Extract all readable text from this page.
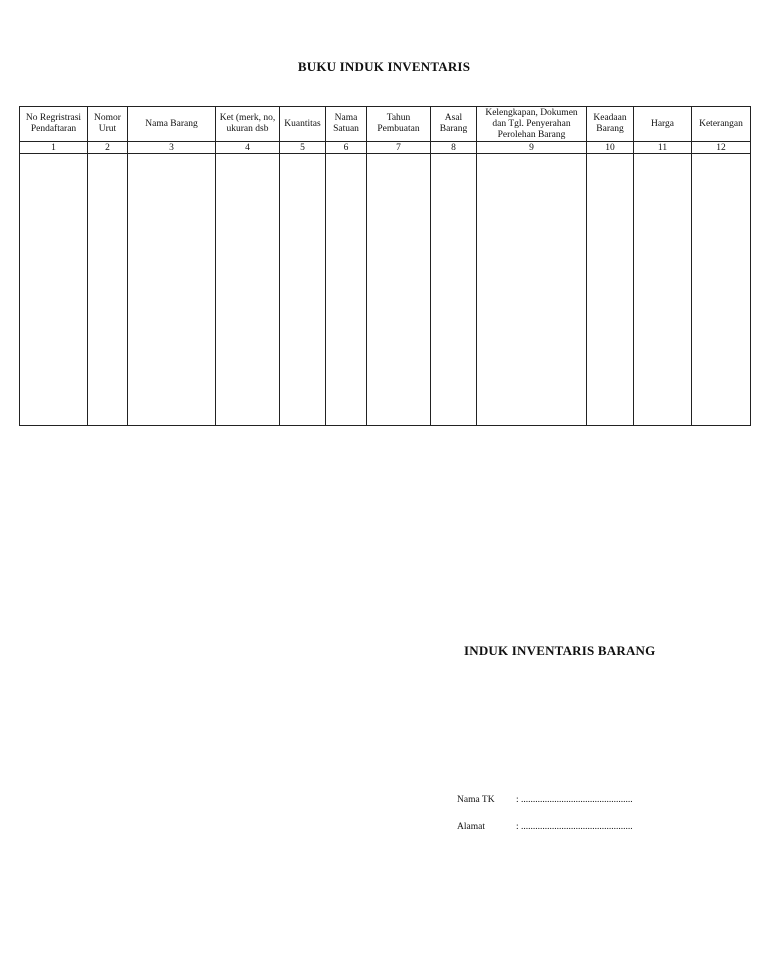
BUKU INDUK INVENTARIS
No Regristrasi Pendaftaran	Nomor Urut	Nama Barang	Ket (merk, no, ukuran dsb	Kuantitas	Nama Satuan	Tahun Pembuatan	Asal Barang	Kelengkapan, Dokumen dan Tgl. Penyerahan Perolehan Barang	Keadaan Barang	Harga	Keterangan
1	2	3	4	5	6	7	8	9	10	11	12

INDUK INVENTARIS BARANG
Nama TK : ...............................................
Alamat	: ...............................................
